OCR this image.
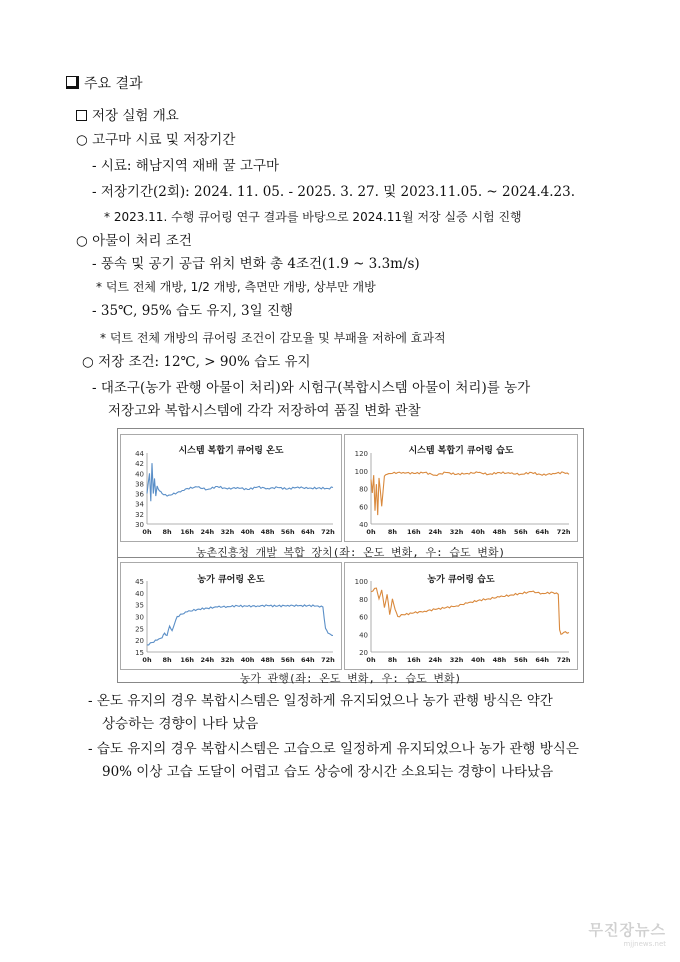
주요 결과
저장 실험 개요
○ 고구마 시료 및 저장기간
- 시료: 해남지역 재배 꿀 고구마
- 저장기간(2회): 2024. 11. 05. - 2025. 3. 27. 및 2023.11.05. ~ 2024.4.23.
* 2023.11. 수행 큐어링 연구 결과를 바탕으로 2024.11월 저장 실증 시험 진행
○ 아물이 처리 조건
- 풍속 및 공기 공급 위치 변화 총 4조건(1.9 ~ 3.3m/s)
* 덕트 전체 개방, 1/2 개방, 측면만 개방, 상부만 개방
- 35℃, 95% 습도 유지, 3일 진행
* 덕트 전체 개방의 큐어링 조건이 감모율 및 부패율 저하에 효과적
○ 저장 조건: 12℃, > 90% 습도 유지
- 대조구(농가 관행 아물이 처리)와 시험구(복합시스템 아물이 처리)를 농가
저장고와 복합시스템에 각각 저장하여 품질 변화 관찰
30
32
34
36
38
40
42
44
0h 8h 16h 24h 32h 40h 48h 56h 64h 72h
시스템 복합기 큐어링 온도
40
60
80
100
120
0h 8h 16h 24h 32h 40h 48h 56h 64h 72h
시스템 복합기 큐어링 습도
농촌진흥청 개발 복합 장치(좌: 온도 변화, 우: 습도 변화)
15
20
25
30
35
40
45
0h 8h 16h 24h 32h 40h 48h 56h 64h 72h
농가 큐어링 온도
20
40
60
80
100
0h 8h 16h 24h 32h 40h 48h 56h 64h 72h
농가 큐어링 습도
농가 관행(좌: 온도 변화, 우: 습도 변화)
- 온도 유지의 경우 복합시스템은 일정하게 유지되었으나 농가 관행 방식은 약간
상승하는 경향이 나타 났음
- 습도 유지의 경우 복합시스템은 고습으로 일정하게 유지되었으나 농가 관행 방식은
90% 이상 고습 도달이 어렵고 습도 상승에 장시간 소요되는 경향이 나타났음
무진장뉴스
mjjnews.net
